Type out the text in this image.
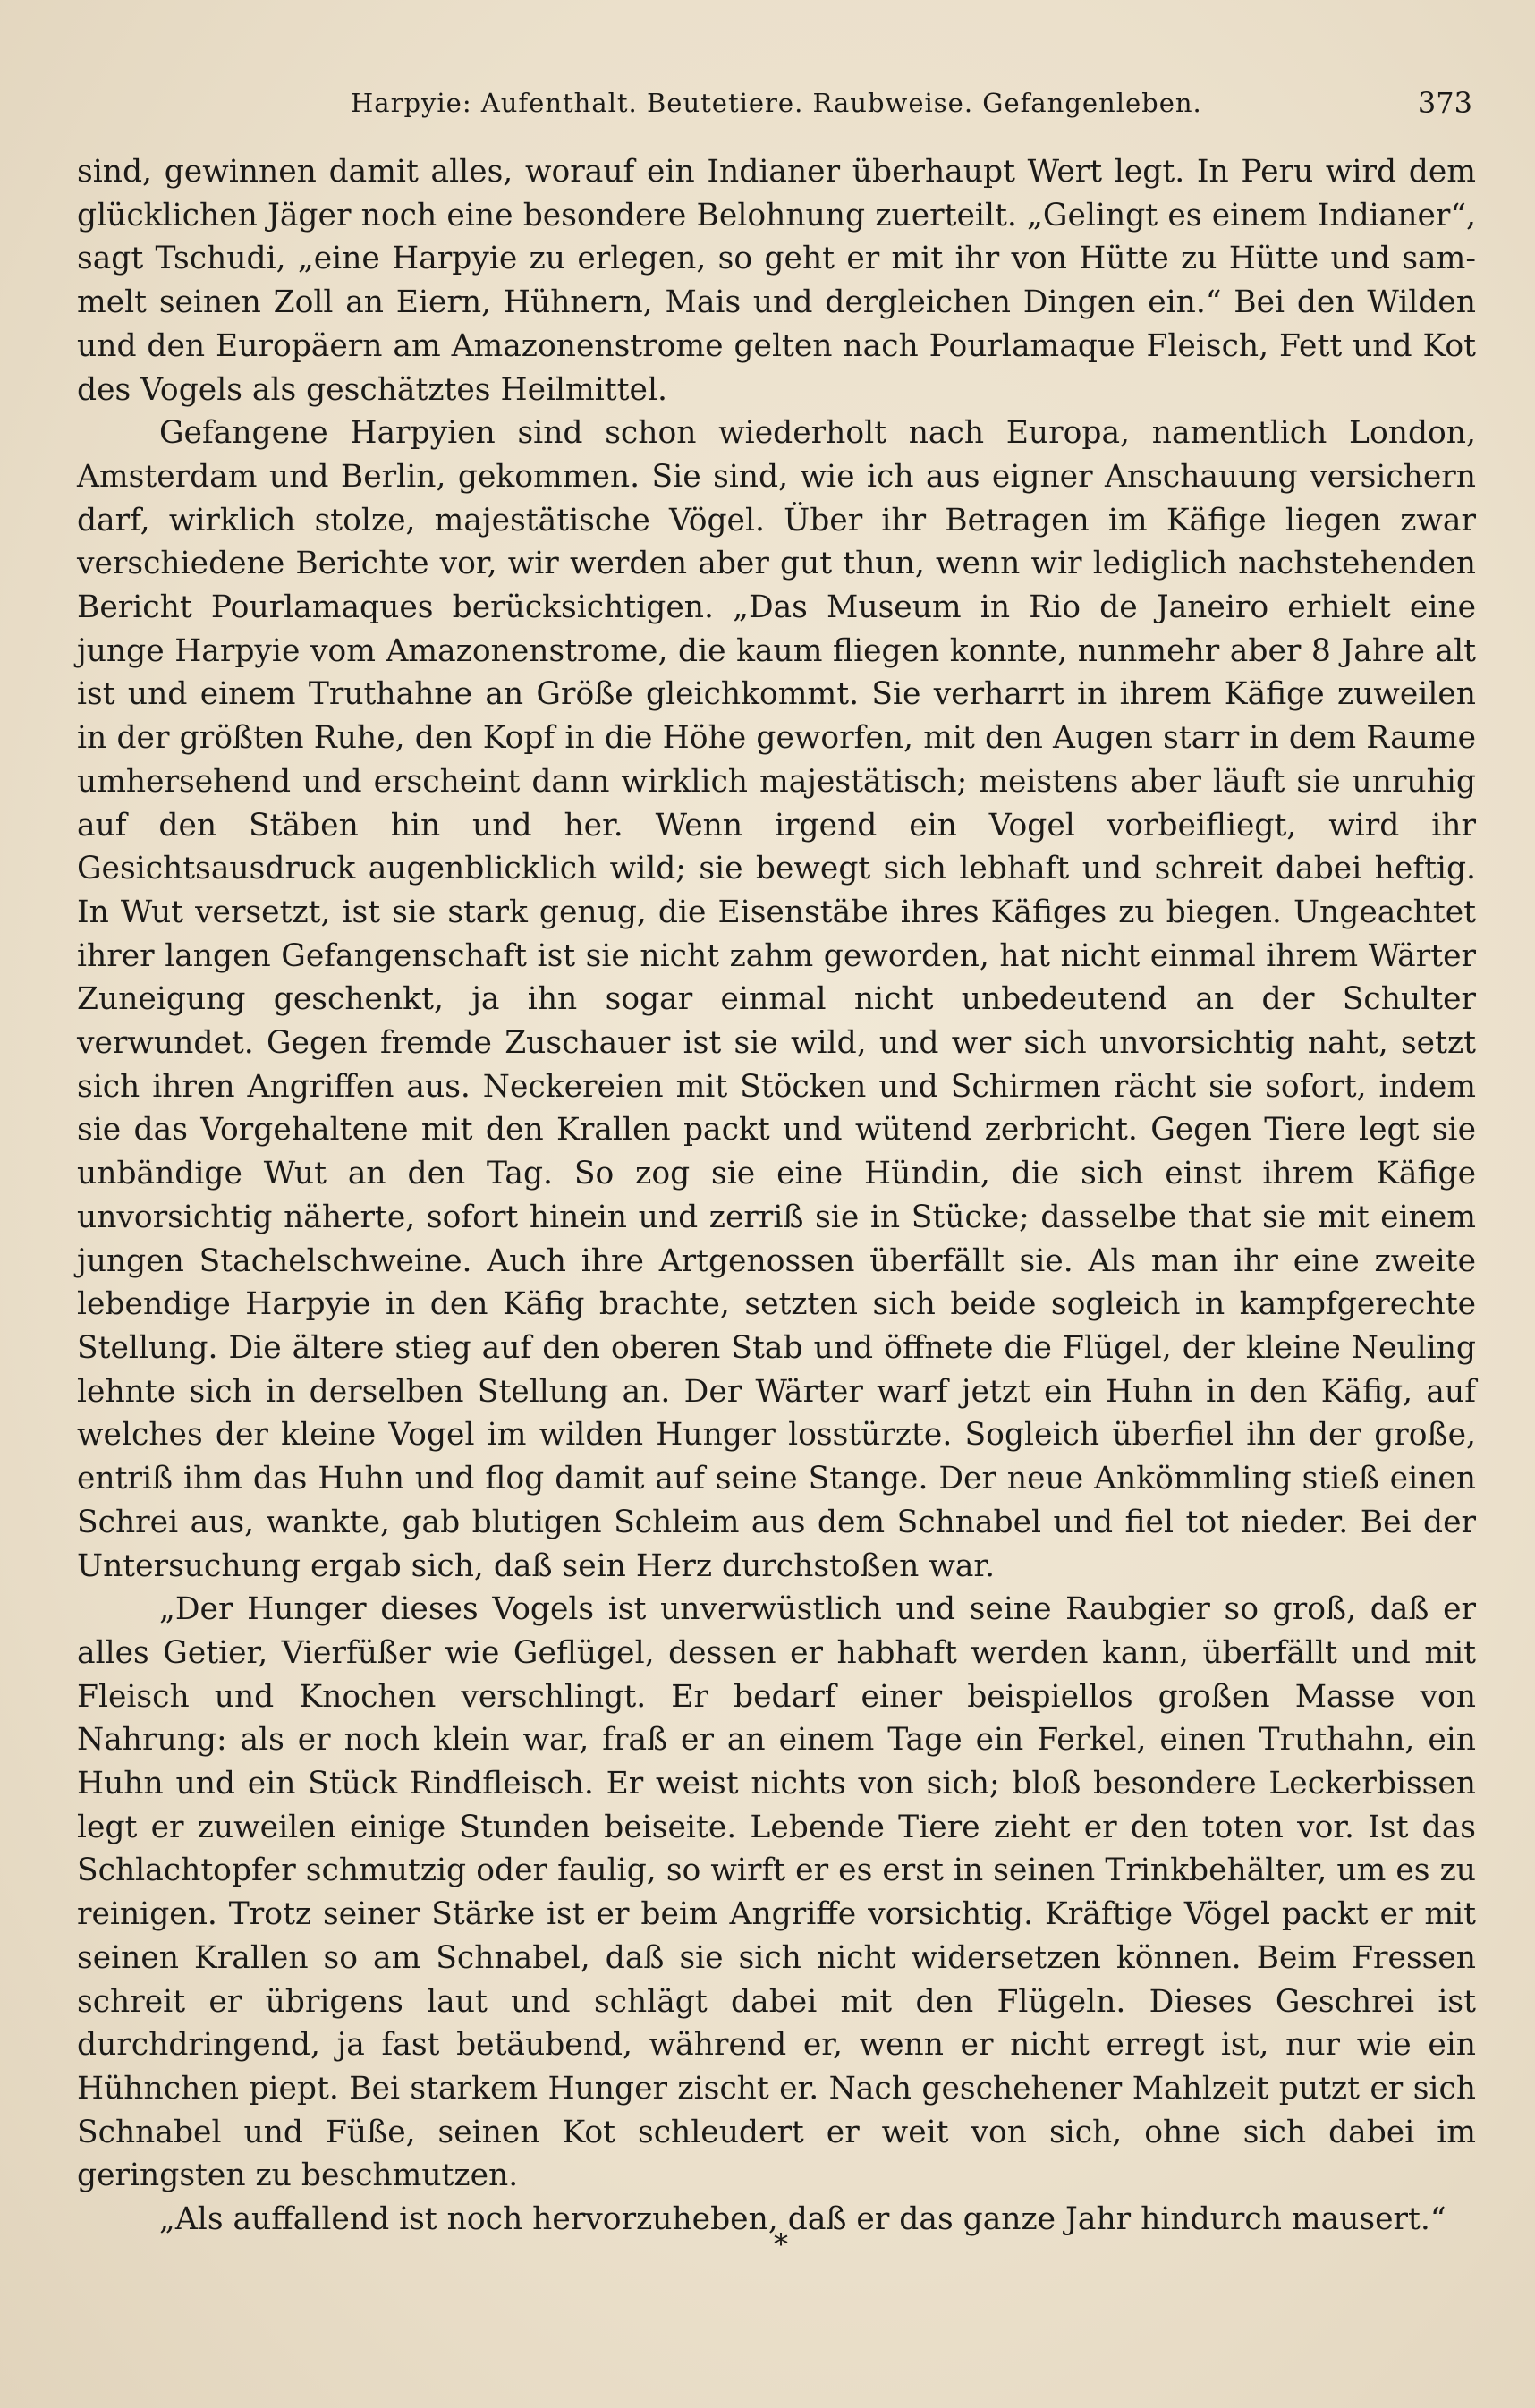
Harpyie: Aufenthalt. Beutetiere. Raubweise. Gefangenleben.	373

sind, gewinnen damit alles, worauf ein Indianer überhaupt Wert legt. In Peru wird dem glücklichen Jäger noch eine besondere Belohnung zuerteilt. „Gelingt es einem Indianer“, sagt Tschudi, „eine Harpyie zu erlegen, so geht er mit ihr von Hütte zu Hütte und sammelt seinen Zoll an Eiern, Hühnern, Mais und dergleichen Dingen ein.“ Bei den Wilden und den Europäern am Amazonenstrome gelten nach Pourlamaque Fleisch, Fett und Kot des Vogels als geschätztes Heilmittel.

Gefangene Harpyien sind schon wiederholt nach Europa, namentlich London, Amsterdam und Berlin, gekommen. Sie sind, wie ich aus eigner Anschauung versichern darf, wirklich stolze, majestätische Vögel. Über ihr Betragen im Käfige liegen zwar verschiedene Berichte vor, wir werden aber gut thun, wenn wir lediglich nachstehenden Bericht Pourlamaques berücksichtigen. „Das Museum in Rio de Janeiro erhielt eine junge Harpyie vom Amazonenstrome, die kaum fliegen konnte, nunmehr aber 8 Jahre alt ist und einem Truthahne an Größe gleichkommt. Sie verharrt in ihrem Käfige zuweilen in der größten Ruhe, den Kopf in die Höhe geworfen, mit den Augen starr in dem Raume umhersehend und erscheint dann wirklich majestätisch; meistens aber läuft sie unruhig auf den Stäben hin und her. Wenn irgend ein Vogel vorbeifliegt, wird ihr Gesichtsausdruck augenblicklich wild; sie bewegt sich lebhaft und schreit dabei heftig. In Wut versetzt, ist sie stark genug, die Eisenstäbe ihres Käfiges zu biegen. Ungeachtet ihrer langen Gefangenschaft ist sie nicht zahm geworden, hat nicht einmal ihrem Wärter Zuneigung geschenkt, ja ihn sogar einmal nicht unbedeutend an der Schulter verwundet. Gegen fremde Zuschauer ist sie wild, und wer sich unvorsichtig naht, setzt sich ihren Angriffen aus. Neckereien mit Stöcken und Schirmen rächt sie sofort, indem sie das Vorgehaltene mit den Krallen packt und wütend zerbricht. Gegen Tiere legt sie unbändige Wut an den Tag. So zog sie eine Hündin, die sich einst ihrem Käfige unvorsichtig näherte, sofort hinein und zerriß sie in Stücke; dasselbe that sie mit einem jungen Stachelschweine. Auch ihre Artgenossen überfällt sie. Als man ihr eine zweite lebendige Harpyie in den Käfig brachte, setzten sich beide sogleich in kampfgerechte Stellung. Die ältere stieg auf den oberen Stab und öffnete die Flügel, der kleine Neuling lehnte sich in derselben Stellung an. Der Wärter warf jetzt ein Huhn in den Käfig, auf welches der kleine Vogel im wilden Hunger losstürzte. Sogleich überfiel ihn der große, entriß ihm das Huhn und flog damit auf seine Stange. Der neue Ankömmling stieß einen Schrei aus, wankte, gab blutigen Schleim aus dem Schnabel und fiel tot nieder. Bei der Untersuchung ergab sich, daß sein Herz durchstoßen war.

„Der Hunger dieses Vogels ist unverwüstlich und seine Raubgier so groß, daß er alles Getier, Vierfüßer wie Geflügel, dessen er habhaft werden kann, überfällt und mit Fleisch und Knochen verschlingt. Er bedarf einer beispiellos großen Masse von Nahrung: als er noch klein war, fraß er an einem Tage ein Ferkel, einen Truthahn, ein Huhn und ein Stück Rindfleisch. Er weist nichts von sich; bloß besondere Leckerbissen legt er zuweilen einige Stunden beiseite. Lebende Tiere zieht er den toten vor. Ist das Schlachtopfer schmutzig oder faulig, so wirft er es erst in seinen Trinkbehälter, um es zu reinigen. Trotz seiner Stärke ist er beim Angriffe vorsichtig. Kräftige Vögel packt er mit seinen Krallen so am Schnabel, daß sie sich nicht widersetzen können. Beim Fressen schreit er übrigens laut und schlägt dabei mit den Flügeln. Dieses Geschrei ist durchdringend, ja fast betäubend, während er, wenn er nicht erregt ist, nur wie ein Hühnchen piept. Bei starkem Hunger zischt er. Nach geschehener Mahlzeit putzt er sich Schnabel und Füße, seinen Kot schleudert er weit von sich, ohne sich dabei im geringsten zu beschmutzen.

„Als auffallend ist noch hervorzuheben, daß er das ganze Jahr hindurch mausert.“

*
